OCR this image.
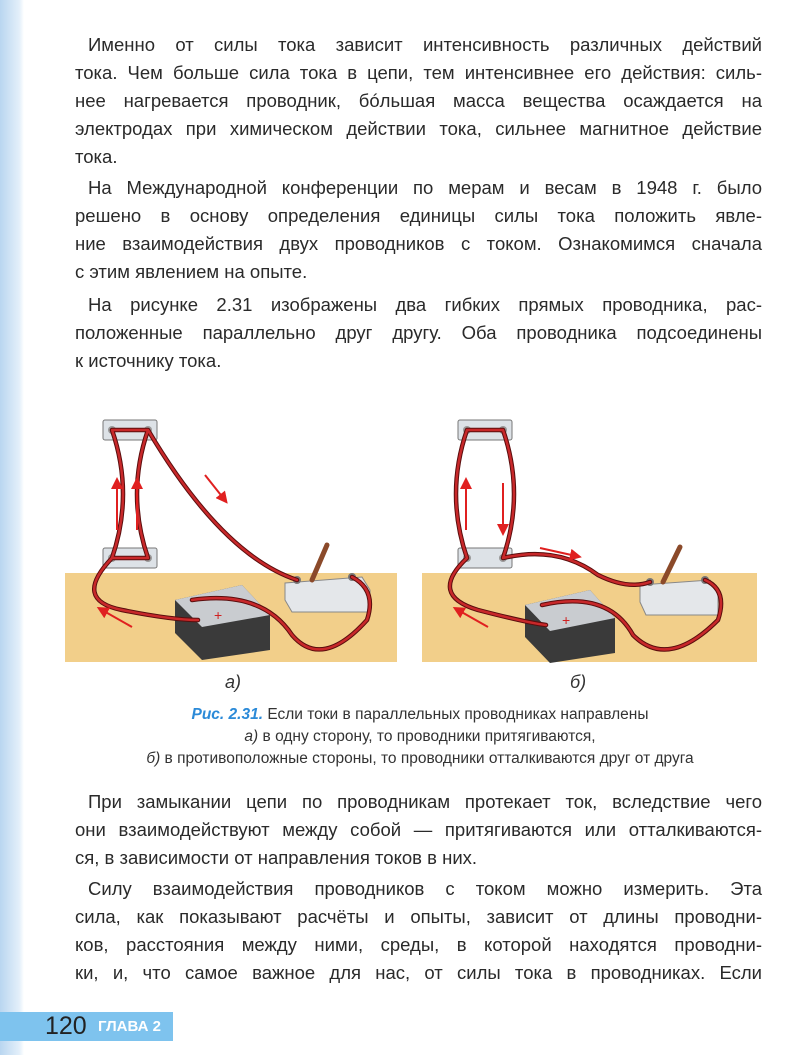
Именно от силы тока зависит интенсивность различных действий
тока. Чем больше сила тока в цепи, тем интенсивнее его действия: силь-
нее нагревается проводник, бóльшая масса вещества осаждается на
электродах при химическом действии тока, сильнее магнитное действие
тока.
На Международной конференции по мерам и весам в 1948 г. было
решено в основу определения единицы силы тока положить явле-
ние взаимодействия двух проводников с током. Ознакомимся сначала
с этим явлением на опыте.
На рисунке 2.31 изображены два гибких прямых проводника, рас-
положенные параллельно друг другу. Оба проводника подсоединены
к источнику тока.
При замыкании цепи по проводникам протекает ток, вследствие чего
они взаимодействуют между собой — притягиваются или отталкиваются-
ся, в зависимости от направления токов в них.
Силу взаимодействия проводников с током можно измерить. Эта
сила, как показывают расчёты и опыты, зависит от длины проводни-
ков, расстояния между ними, среды, в которой находятся проводни-
ки, и, что самое важное для нас, от силы тока в проводниках. Если
+
а)
+
б)
Рис. 2.31. Если токи в параллельных проводниках направлены
а) в одну сторону, то проводники притягиваются,
б) в противоположные стороны, то проводники отталкиваются друг от друга
120 ГЛАВА 2
